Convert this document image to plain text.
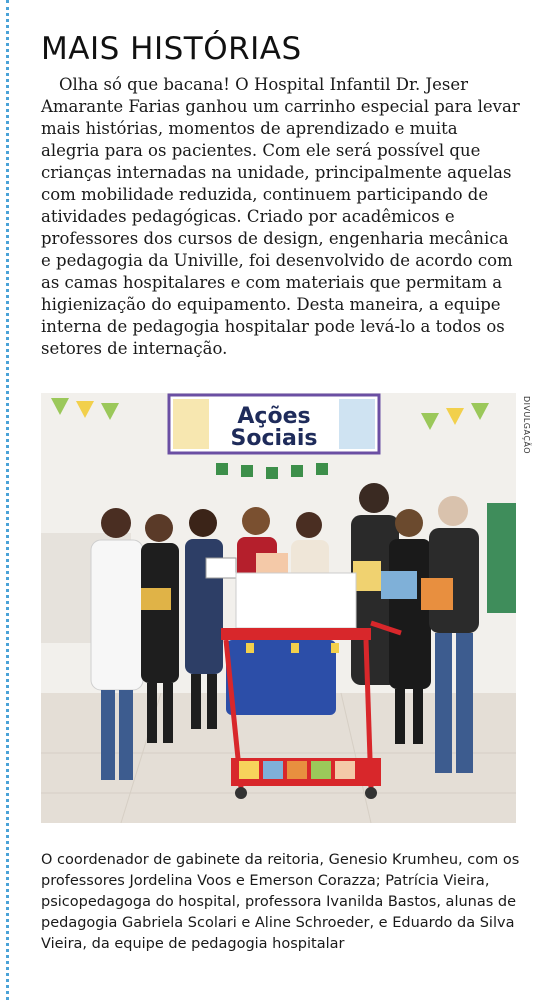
MAIS HISTÓRIAS

Olha só que bacana! O Hospital Infantil Dr. Jeser Amarante Farias ganhou um carrinho especial para levar mais histórias, momentos de aprendizado e muita alegria para os pacientes. Com ele será possível que crianças internadas na unidade, principalmente aquelas com mobilidade reduzida, continuem participando de atividades pedagógicas. Criado por acadêmicos e professores dos cursos de design, engenharia mecânica e pedagogia da Univille, foi desenvolvido de acordo com as camas hospitalares e com materiais que permitam a higienização do equipamento. Desta maneira, a equipe interna de pedagogia hospitalar pode levá-lo a todos os setores de internação.

DIVULGAÇÃO

Ações
Sociais

O coordenador de gabinete da reitoria, Genesio Krumheu, com os professores Jordelina Voos e Emerson Corazza; Patrícia Vieira, psicopedagoga do hospital, professora Ivanilda Bastos, alunas de pedagogia Gabriela Scolari e Aline Schroeder, e Eduardo da Silva Vieira, da equipe de pedagogia hospitalar
